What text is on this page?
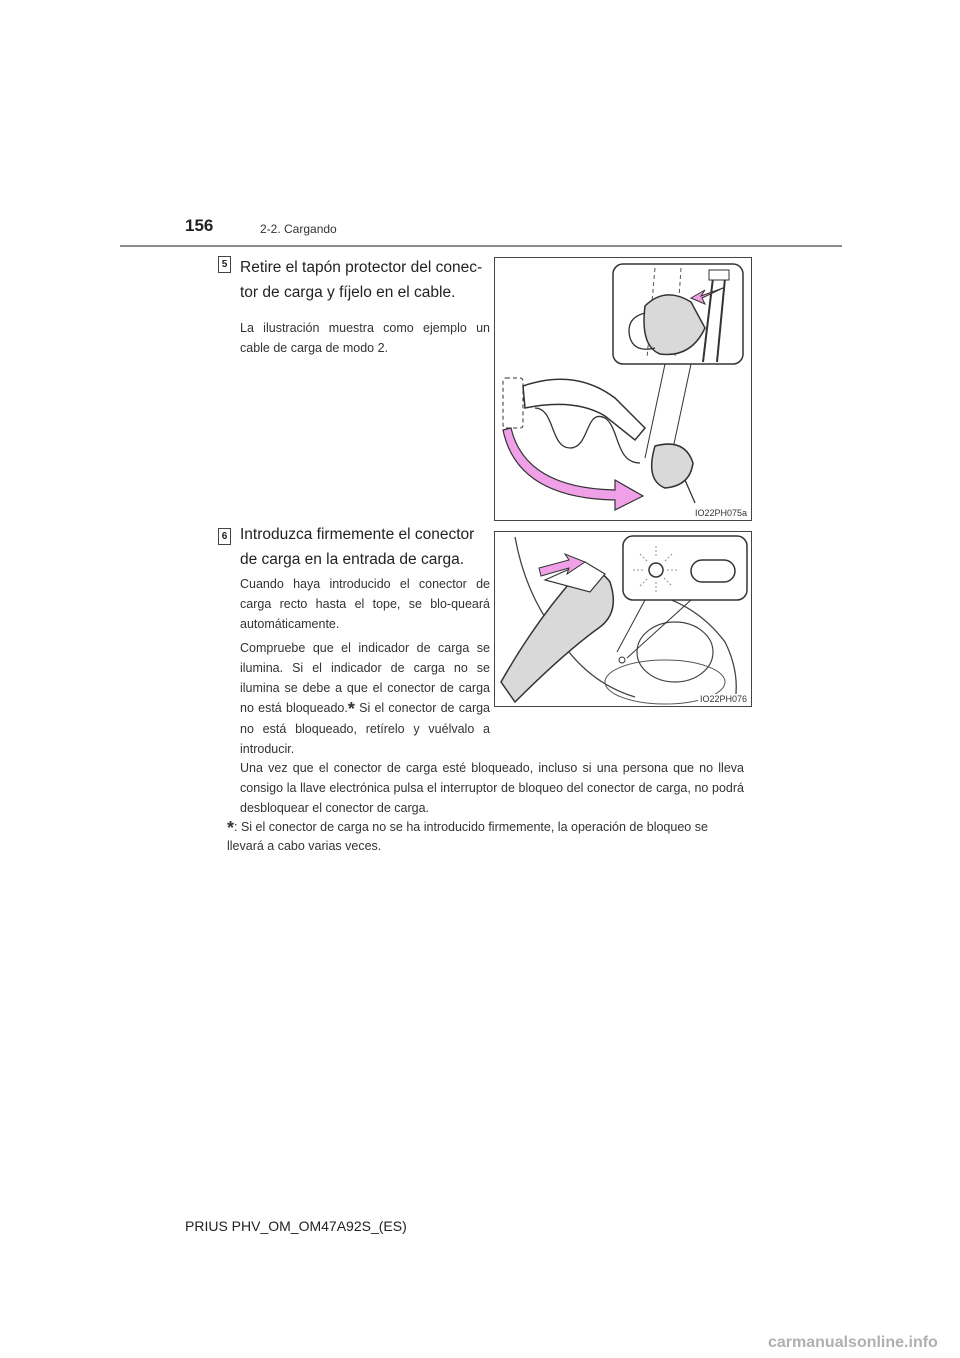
156	2-2. Cargando
5 Retire el tapón protector del conec-tor de carga y fíjelo en el cable.
La ilustración muestra como ejemplo un cable de carga de modo 2.
IO22PH075a
6 Introduzca firmemente el conector de carga en la entrada de carga.
Cuando haya introducido el conector de carga recto hasta el tope, se blo-queará automáticamente.
Compruebe que el indicador de carga se ilumina. Si el indicador de carga no se ilumina se debe a que el conector de carga no está bloqueado.* Si el conector de carga no está bloqueado, retírelo y vuélvalo a introducir.
IO22PH076
Una vez que el conector de carga esté bloqueado, incluso si una persona que no lleva consigo la llave electrónica pulsa el interruptor de bloqueo del conector de carga, no podrá desbloquear el conector de carga.
*: Si el conector de carga no se ha introducido firmemente, la operación de bloqueo se llevará a cabo varias veces.
PRIUS PHV_OM_OM47A92S_(ES)
carmanualsonline.info
